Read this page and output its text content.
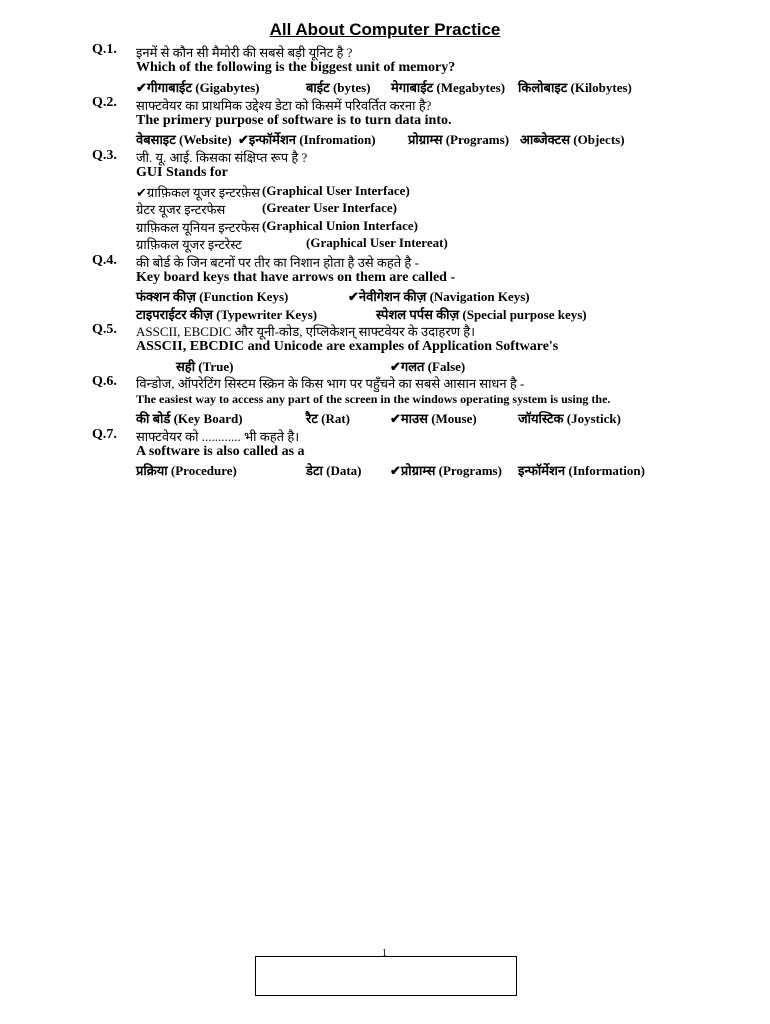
All About Computer Practice
Q.1. इनमें से कौन सी मैमोरी की सबसे बड़ी यूनिट है ?
Which of the following is the biggest unit of memory?
✔गीगाबाईट (Gigabytes)	बाईट (bytes) मेगाबाईट (Megabytes) किलोबाइट (Kilobytes)
Q.2. साफ्टवेयर का प्राथमिक उद्देश्य डेटा को किसमें परिवर्तित करना है?
The primery purpose of software is to turn data into.
वेबसाइट (Website) ✔इन्फॉर्मेशन (Infromation) प्रोग्राम्स (Programs) आब्जेक्टस (Objects)
Q.3. जी. यू. आई. किसका संक्षिप्त रूप है ?
GUI Stands for
✔ग्राफ़िकल यूजर इन्टरफ़ेस (Graphical User Interface)
ग्रेटर यूजर इन्टरफेस	(Greater User Interface)
ग्राफ़िकल यूनियन इन्टरफेस (Graphical Union Interface)
ग्राफ़िकल यूजर इन्टरेस्ट	(Graphical User Intereat)
Q.4. की बोर्ड के जिन बटनों पर तीर का निशान होता है उसे कहते है -
Key board keys that have arrows on them are called -
फंक्शन कीज़ (Function Keys)	✔नेवीगेशन कीज़ (Navigation Keys)
टाइपराईटर कीज़ (Typewriter Keys)	स्पेशल पर्पस कीज़ (Special purpose keys)
Q.5. ASSCII, EBCDIC और यूनी-कोड, एप्लिकेशन् साफ्टवेयर के उदाहरण है।
ASSCII, EBCDIC and Unicode are examples of Application Software's
सही (True)	✔गलत (False)
Q.6. विन्डोज, ऑपरेटिंग सिस्टम स्क्रिन के किस भाग पर पहुँचने का सबसे आसान साधन है -
The easiest way to access any part of the screen in the windows operating system is using the.
की बोर्ड (Key Board)	रैट (Rat)	✔माउस (Mouse)	जॉयस्टिक (Joystick)
Q.7. साफ्टवेयर को ............ भी कहते है।
A software is also called as a
प्रक्रिया (Procedure)	डेटा (Data) ✔प्रोग्राम्स (Programs) इन्फॉर्मेशन (Information)
1
